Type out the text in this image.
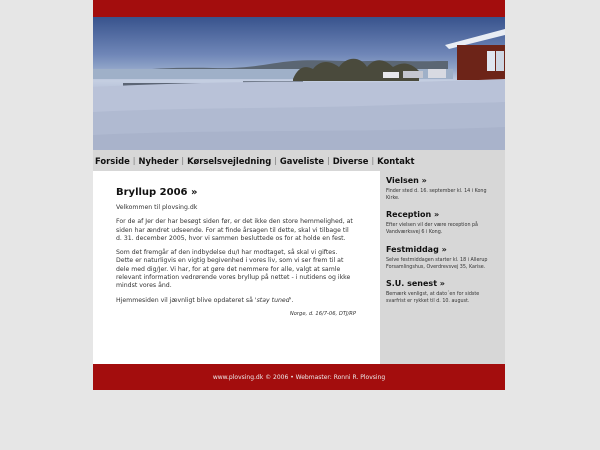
Forside | Nyheder | Kørselsvejledning | Gaveliste | Diverse | Kontakt
Bryllup 2006 »

Velkommen til plovsing.dk

For de af Jer der har besøgt siden før, er det ikke den store hemmelighed, at siden har ændret udseende. For at finde årsagen til dette, skal vi tilbage til d. 31. december 2005, hvor vi sammen besluttede os for at holde en fest.

Som det fremgår af den indbydelse du/I har modtaget, så skal vi giftes. Dette er naturligvis en vigtig begivenhed i vores liv, som vi ser frem til at dele med dig/Jer. Vi har, for at gøre det nemmere for alle, valgt at samle relevant information vedrørende vores bryllup på nettet - i nutidens og ikke mindst vores ånd.

Hjemmesiden vil jævnligt blive opdateret så 'stay tuned'.

Norge, d. 16/7-06, DTJ/RP

Vielsen »

Finder sted d. 16. september kl. 14 i Kong Kirke.

Reception »

Efter vielsen vil der være reception på Vandværksvej 6 i Kong.

Festmiddag »

Selve festmiddagen starter kl. 18 i Allerup Forsamlingshus, Overdrevsvej 35, Karise.

S.U. senest »

Bemærk venligst, at dato´en for sidste svarfrist er rykket til d. 10. august.

www.plovsing.dk © 2006 • Webmaster: Ronni R. Plovsing
